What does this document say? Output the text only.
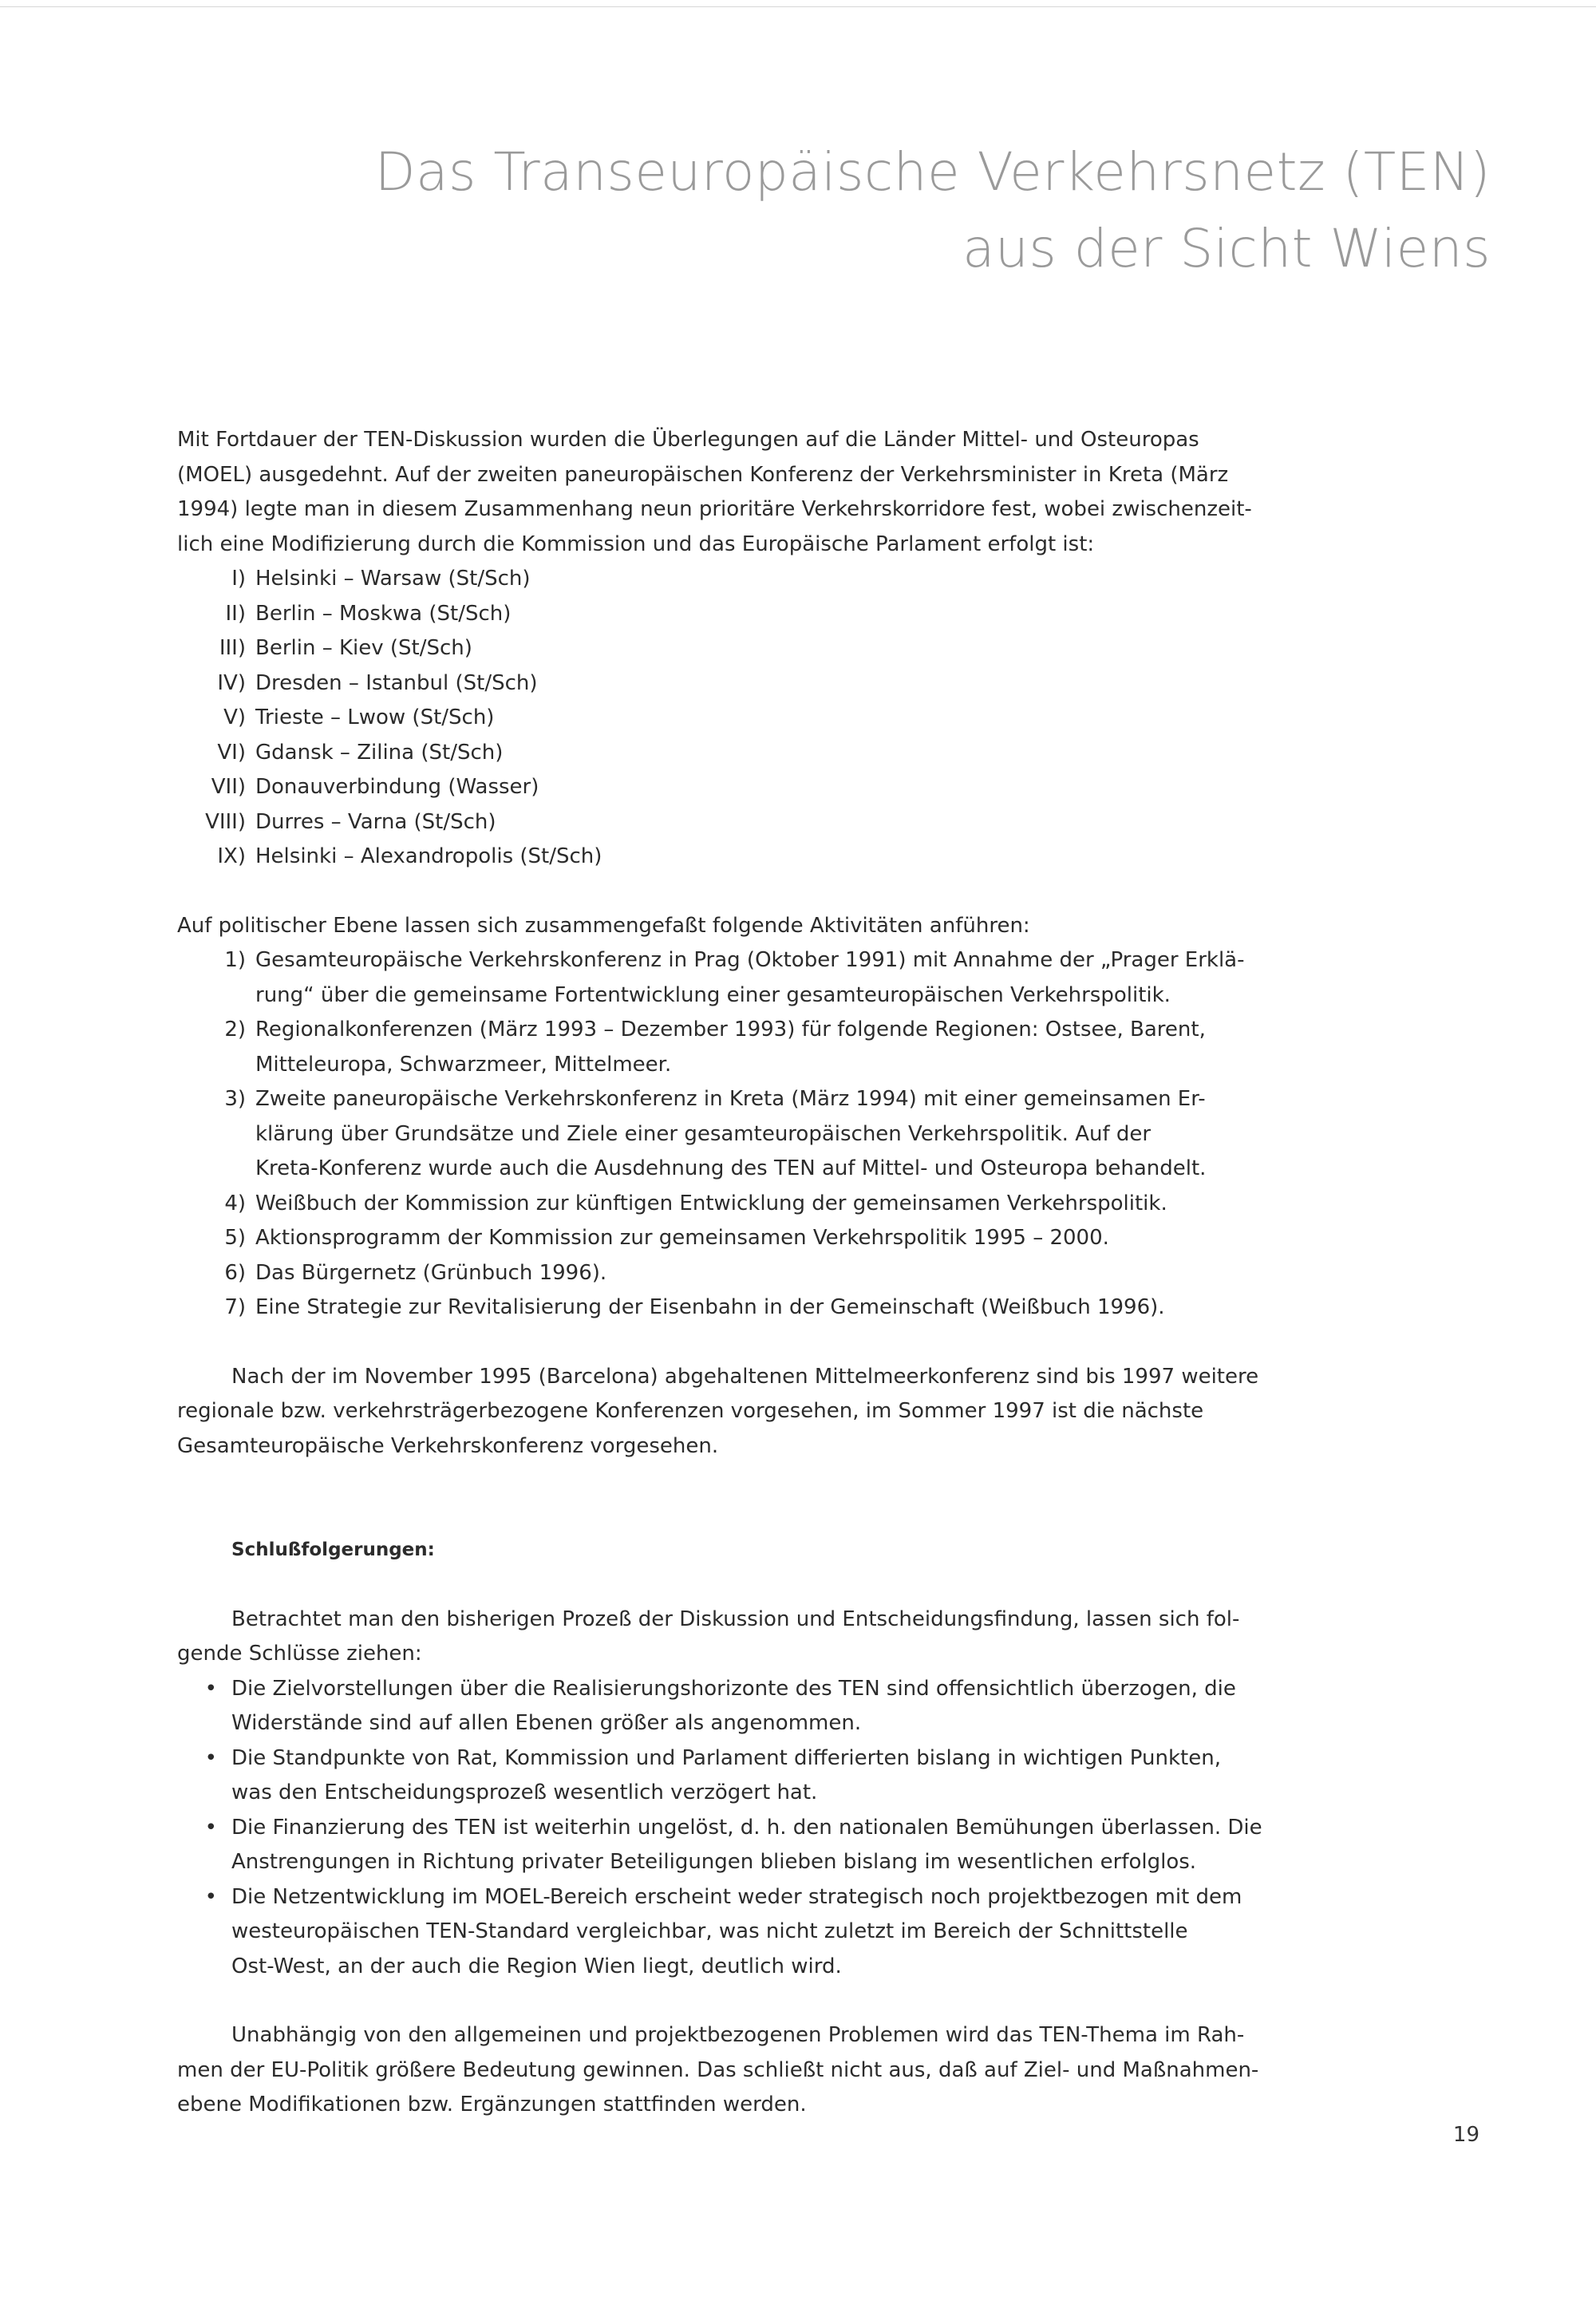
Das Transeuropäische Verkehrsnetz (TEN)
aus der Sicht Wiens

Mit Fortdauer der TEN-Diskussion wurden die Überlegungen auf die Länder Mittel- und Osteuropas
(MOEL) ausgedehnt. Auf der zweiten paneuropäischen Konferenz der Verkehrsminister in Kreta (März
1994) legte man in diesem Zusammenhang neun prioritäre Verkehrskorridore fest, wobei zwischenzeit-
lich eine Modifizierung durch die Kommission und das Europäische Parlament erfolgt ist:

I) Helsinki – Warsaw (St/Sch)
II) Berlin – Moskwa (St/Sch)
III) Berlin – Kiev (St/Sch)
IV) Dresden – Istanbul (St/Sch)
V) Trieste – Lwow (St/Sch)
VI) Gdansk – Zilina (St/Sch)
VII) Donauverbindung (Wasser)
VIII) Durres – Varna (St/Sch)
IX) Helsinki – Alexandropolis (St/Sch)

Auf politischer Ebene lassen sich zusammengefaßt folgende Aktivitäten anführen:

1) Gesamteuropäische Verkehrskonferenz in Prag (Oktober 1991) mit Annahme der „Prager Erklä-
rung“ über die gemeinsame Fortentwicklung einer gesamteuropäischen Verkehrspolitik.
2) Regionalkonferenzen (März 1993 – Dezember 1993) für folgende Regionen: Ostsee, Barent,
Mitteleuropa, Schwarzmeer, Mittelmeer.
3) Zweite paneuropäische Verkehrskonferenz in Kreta (März 1994) mit einer gemeinsamen Er-
klärung über Grundsätze und Ziele einer gesamteuropäischen Verkehrspolitik. Auf der
Kreta-Konferenz wurde auch die Ausdehnung des TEN auf Mittel- und Osteuropa behandelt.
4) Weißbuch der Kommission zur künftigen Entwicklung der gemeinsamen Verkehrspolitik.
5) Aktionsprogramm der Kommission zur gemeinsamen Verkehrspolitik 1995 – 2000.
6) Das Bürgernetz (Grünbuch 1996).
7) Eine Strategie zur Revitalisierung der Eisenbahn in der Gemeinschaft (Weißbuch 1996).

Nach der im November 1995 (Barcelona) abgehaltenen Mittelmeerkonferenz sind bis 1997 weitere
regionale bzw. verkehrsträgerbezogene Konferenzen vorgesehen, im Sommer 1997 ist die nächste
Gesamteuropäische Verkehrskonferenz vorgesehen.

Schlußfolgerungen:

Betrachtet man den bisherigen Prozeß der Diskussion und Entscheidungsfindung, lassen sich fol-
gende Schlüsse ziehen:

• Die Zielvorstellungen über die Realisierungshorizonte des TEN sind offensichtlich überzogen, die
Widerstände sind auf allen Ebenen größer als angenommen.
• Die Standpunkte von Rat, Kommission und Parlament differierten bislang in wichtigen Punkten,
was den Entscheidungsprozeß wesentlich verzögert hat.
• Die Finanzierung des TEN ist weiterhin ungelöst, d. h. den nationalen Bemühungen überlassen. Die
Anstrengungen in Richtung privater Beteiligungen blieben bislang im wesentlichen erfolglos.
• Die Netzentwicklung im MOEL-Bereich erscheint weder strategisch noch projektbezogen mit dem
westeuropäischen TEN-Standard vergleichbar, was nicht zuletzt im Bereich der Schnittstelle
Ost-West, an der auch die Region Wien liegt, deutlich wird.

Unabhängig von den allgemeinen und projektbezogenen Problemen wird das TEN-Thema im Rah-
men der EU-Politik größere Bedeutung gewinnen. Das schließt nicht aus, daß auf Ziel- und Maßnahmen-
ebene Modifikationen bzw. Ergänzungen stattfinden werden.

19
